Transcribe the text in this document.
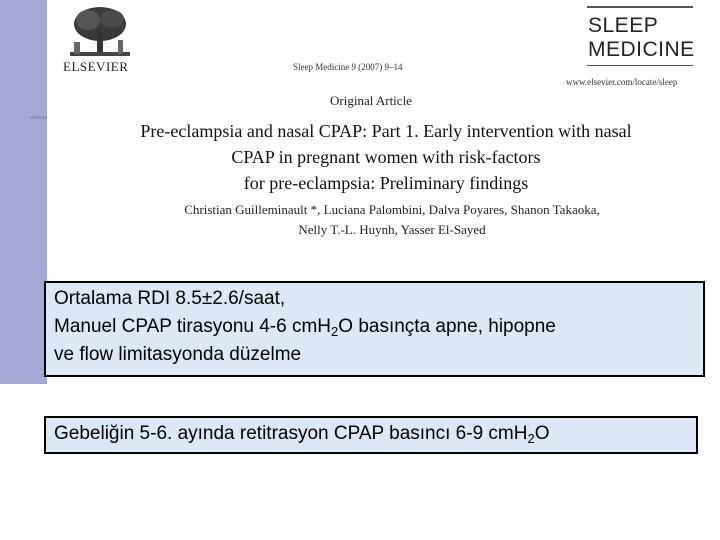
ELSEVIER	Sleep Medicine 9 (2007) 9–14
SLEEP
MEDICINE
www.elsevier.com/locate/sleep
Original Article
Pre-eclampsia and nasal CPAP: Part 1. Early intervention with nasal
CPAP in pregnant women with risk-factors
for pre-eclampsia: Preliminary findings
Christian Guilleminault *, Luciana Palombini, Dalva Poyares, Shanon Takaoka,
Nelly T.-L. Huynh, Yasser El-Sayed

Ortalama RDI 8.5±2.6/saat,

Manuel CPAP tirasyonu 4-6 cmH$_2$O basınçta apne, hipopne

ve flow limitasyonda düzelme

Gebeliğin 5-6. ayında retitrasyon CPAP basıncı 6-9 cmH$_2$O
